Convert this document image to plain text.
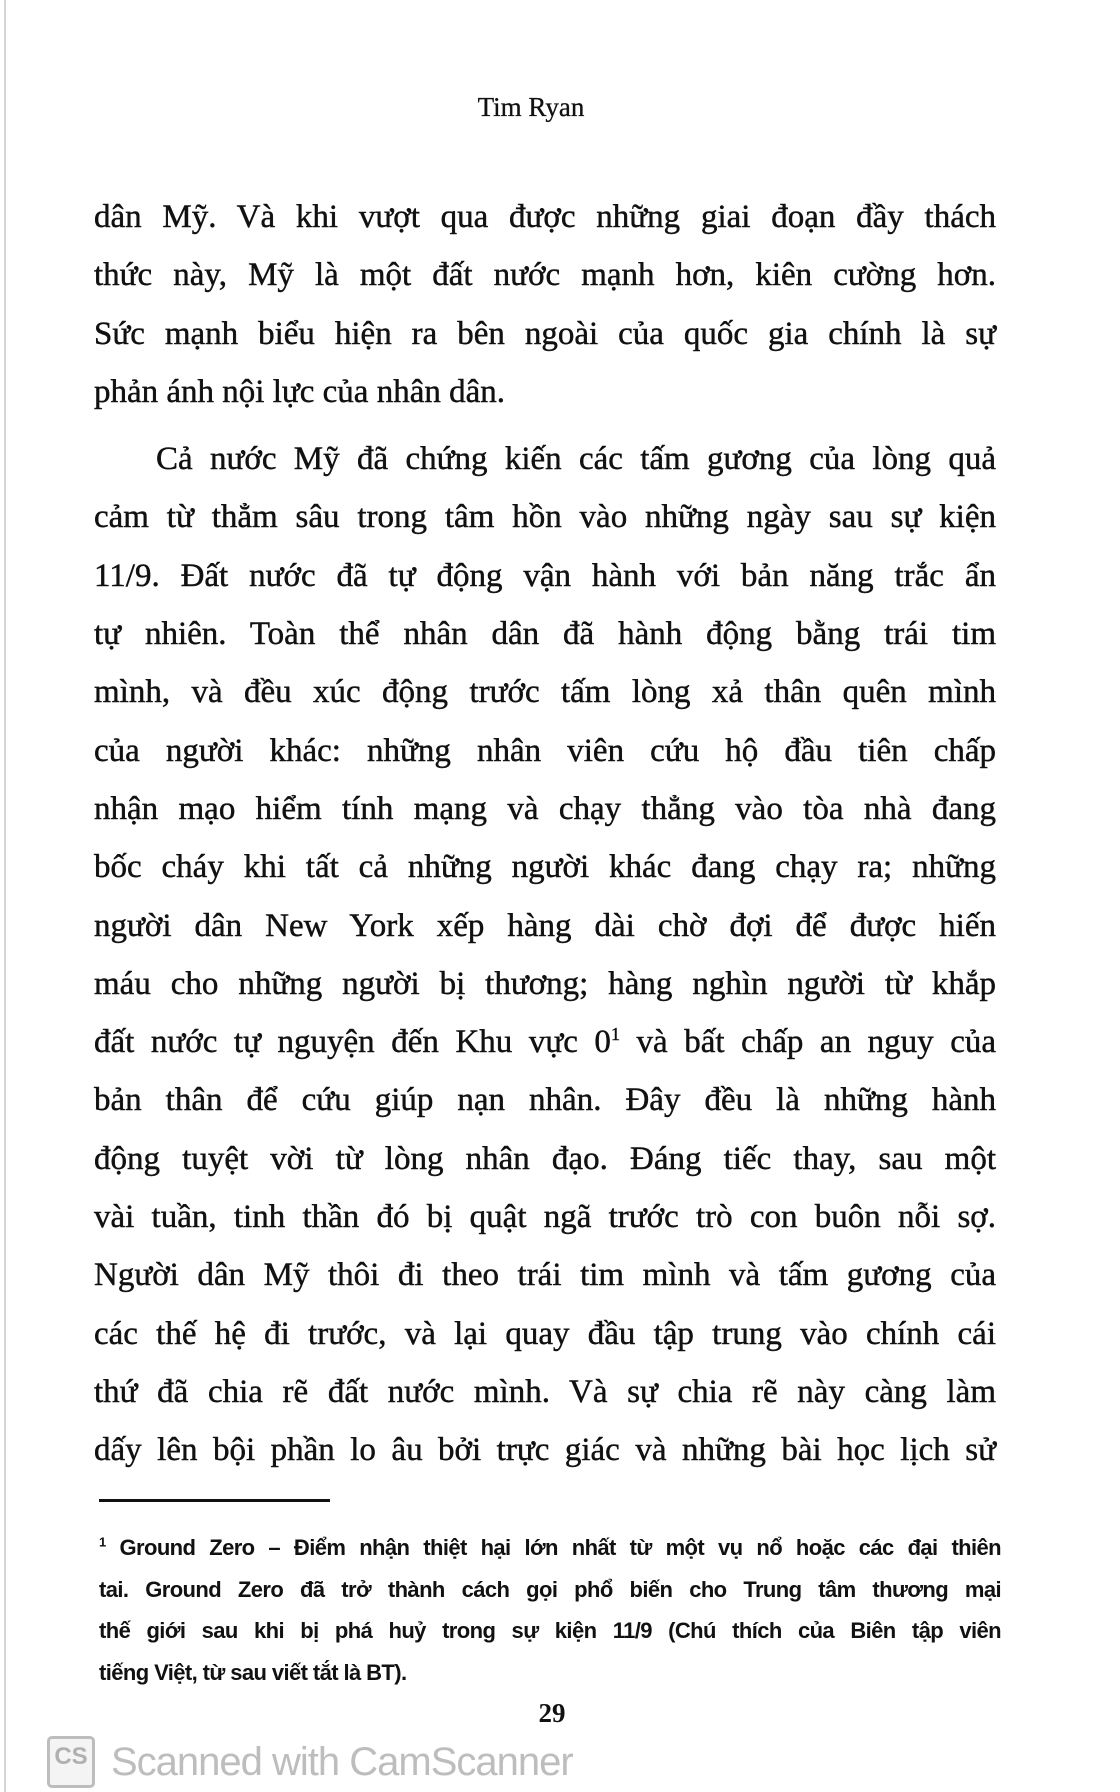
Tim Ryan
dân Mỹ. Và khi vượt qua được những giai đoạn đầy thách
thức này, Mỹ là một đất nước mạnh hơn, kiên cường hơn.
Sức mạnh biểu hiện ra bên ngoài của quốc gia chính là sự
phản ánh nội lực của nhân dân.
Cả nước Mỹ đã chứng kiến các tấm gương của lòng quả
cảm từ thẳm sâu trong tâm hồn vào những ngày sau sự kiện
11/9. Đất nước đã tự động vận hành với bản năng trắc ẩn
tự nhiên. Toàn thể nhân dân đã hành động bằng trái tim
mình, và đều xúc động trước tấm lòng xả thân quên mình
của người khác: những nhân viên cứu hộ đầu tiên chấp
nhận mạo hiểm tính mạng và chạy thẳng vào tòa nhà đang
bốc cháy khi tất cả những người khác đang chạy ra; những
người dân New York xếp hàng dài chờ đợi để được hiến
máu cho những người bị thương; hàng nghìn người từ khắp
đất nước tự nguyện đến Khu vực $0^1$ và bất chấp an nguy của
bản thân để cứu giúp nạn nhân. Đây đều là những hành
động tuyệt vời từ lòng nhân đạo. Đáng tiếc thay, sau một
vài tuần, tinh thần đó bị quật ngã trước trò con buôn nỗi sợ.
Người dân Mỹ thôi đi theo trái tim mình và tấm gương của
các thế hệ đi trước, và lại quay đầu tập trung vào chính cái
thứ đã chia rẽ đất nước mình. Và sự chia rẽ này càng làm
dấy lên bội phần lo âu bởi trực giác và những bài học lịch sử
$^1$ Ground Zero – Điểm nhận thiệt hại lớn nhất từ một vụ nổ hoặc các đại thiên
tai. Ground Zero đã trở thành cách gọi phổ biến cho Trung tâm thương mại
thế giới sau khi bị phá huỷ trong sự kiện 11/9 (Chú thích của Biên tập viên
tiếng Việt, từ sau viết tắt là BT).
29
CS Scanned with CamScanner
